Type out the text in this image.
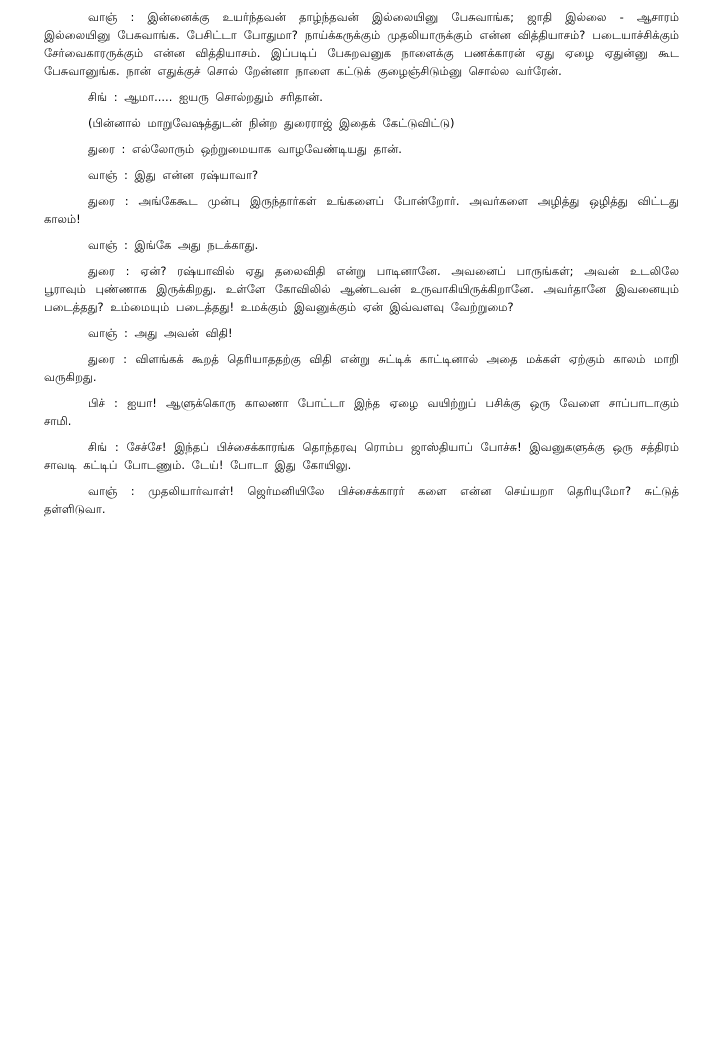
வாஞ் : இன்னைக்கு உயர்ந்தவன் தாழ்ந்தவன் இல்லையினு பேசுவாங்க; ஜாதி இல்லை - ஆசாரம் இல்லையினு பேசுவாங்க. பேசிட்டா போதுமா? நாய்க்கருக்கும் முதலியாருக்கும் என்ன வித்தியாசம்? படையாச்சிக்கும் சேர்வைகாரருக்கும் என்ன வித்தியாசம். இப்படிப் பேசுறவனுக நாளைக்கு பணக்காரன் ஏது ஏழை ஏதுன்னு கூட பேசுவானுங்க. நான் எதுக்குச் சொல் றேன்னா நாளை கட்டுக் குழைஞ்சிடும்னு சொல்ல வர்ரேன்.

சிங் : ஆமா..... ஐயரு சொல்றதும் சரிதான்.

(பின்னால் மாறுவேஷத்துடன் நின்ற துரைராஜ் இதைக் கேட்டுவிட்டு)

துரை : எல்லோரும் ஒற்றுமையாக வாழவேண்டியது தான்.

வாஞ் : இது என்ன ரஷ்யாவா?

துரை : அங்கேகூட முன்பு இருந்தார்கள் உங்களைப் போன்றோர். அவர்களை அழித்து ஒழித்து விட்டது காலம்!

வாஞ் : இங்கே அது நடக்காது.

துரை : ஏன்? ரஷ்யாவில் ஏது தலைவிதி என்று பாடினானே. அவனைப் பாருங்கள்; அவன் உடலிலே பூராவும் புண்ணாக இருக்கிறது. உள்ளே கோவிலில் ஆண்டவன் உருவாகியிருக்கிறானே. அவர்தானே இவனையும் படைத்தது? உம்மையும் படைத்தது! உமக்கும் இவனுக்கும் ஏன் இவ்வளவு வேற்றுமை?

வாஞ் : அது அவன் விதி!

துரை : விளங்கக் கூறத் தெரியாததற்கு விதி என்று சுட்டிக் காட்டினால் அதை மக்கள் ஏற்கும் காலம் மாறி வருகிறது.

பிச் : ஐயா! ஆளுக்கொரு காலணா போட்டா இந்த ஏழை வயிற்றுப் பசிக்கு ஒரு வேளை சாப்பாடாகும் சாமி.

சிங் : சேச்சே! இந்தப் பிச்சைக்காரங்க தொந்தரவு ரொம்ப ஜாஸ்தியாப் போச்சு! இவனுகளுக்கு ஒரு சத்திரம் சாவடி கட்டிப் போடணும். டேய்! போடா இது கோயிலு.

வாஞ் : முதலியார்வாள்! ஜெர்மனியிலே பிச்சைக்காரர் களை என்ன செய்யறா தெரியுமோ? சுட்டுத் தள்ளிடுவா.
